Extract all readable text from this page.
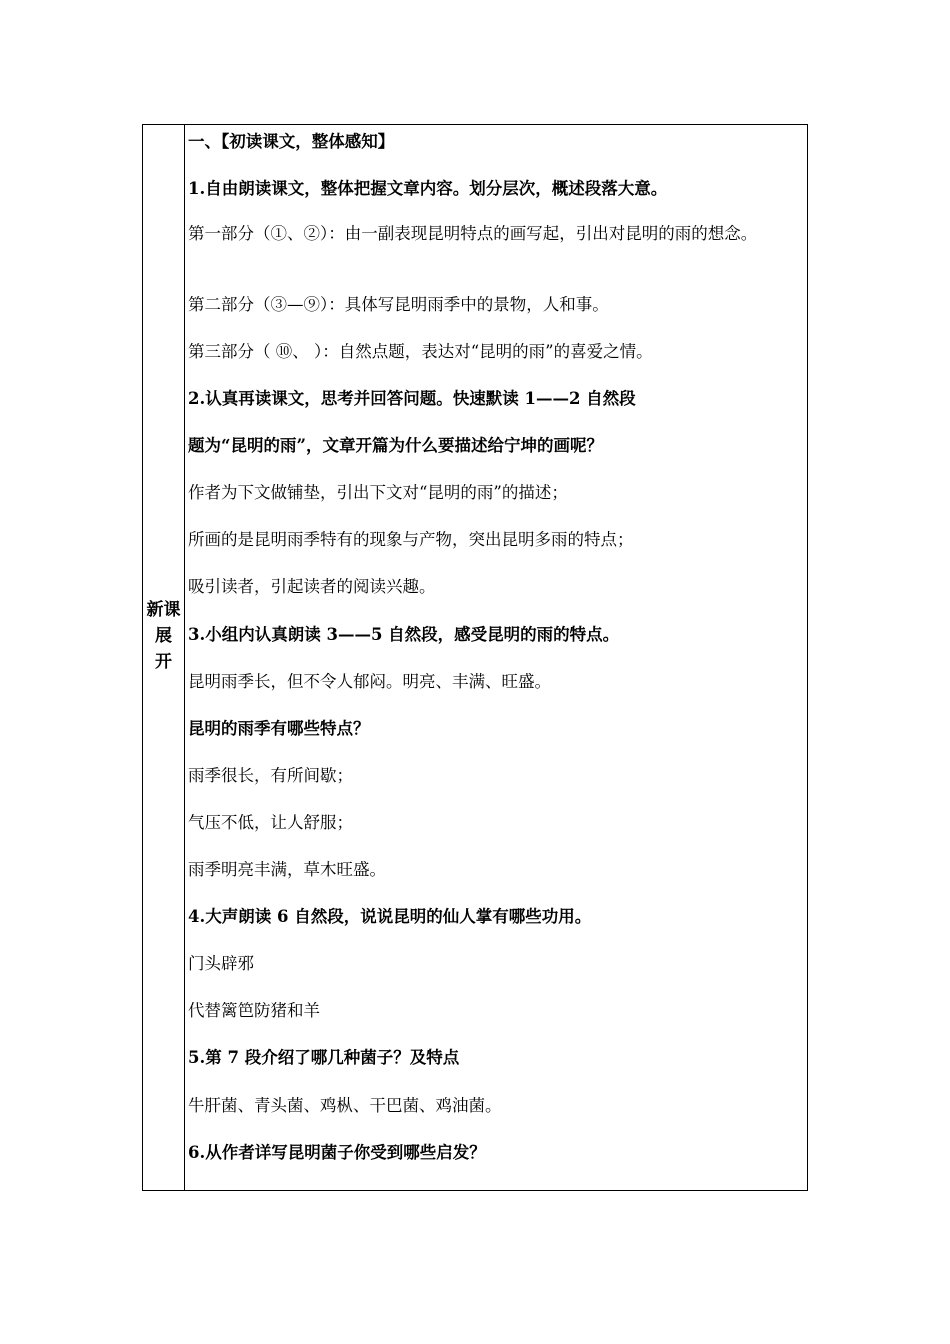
新课
展
开
一、【初读课文，整体感知】
1.自由朗读课文，整体把握文章内容。划分层次，概述段落大意。
第一部分（①、②）：由一副表现昆明特点的画写起，引出对昆明的雨的想念。
第二部分（③—⑨）：具体写昆明雨季中的景物，人和事。
第三部分（ ⑩、 ）：自然点题，表达对“昆明的雨”的喜爱之情。
2.认真再读课文，思考并回答问题。快速默读 1——2 自然段
题为“昆明的雨”，文章开篇为什么要描述给宁坤的画呢？
作者为下文做铺垫，引出下文对“昆明的雨”的描述；
所画的是昆明雨季特有的现象与产物，突出昆明多雨的特点；
吸引读者，引起读者的阅读兴趣。
3.小组内认真朗读 3——5 自然段，感受昆明的雨的特点。
昆明雨季长，但不令人郁闷。明亮、丰满、旺盛。
昆明的雨季有哪些特点？
雨季很长，有所间歇；
气压不低，让人舒服；
雨季明亮丰满，草木旺盛。
4.大声朗读 6 自然段，说说昆明的仙人掌有哪些功用。
门头辟邪
代替篱笆防猪和羊
5.第 7 段介绍了哪几种菌子？及特点
牛肝菌、青头菌、鸡枞、干巴菌、鸡油菌。
6.从作者详写昆明菌子你受到哪些启发？
